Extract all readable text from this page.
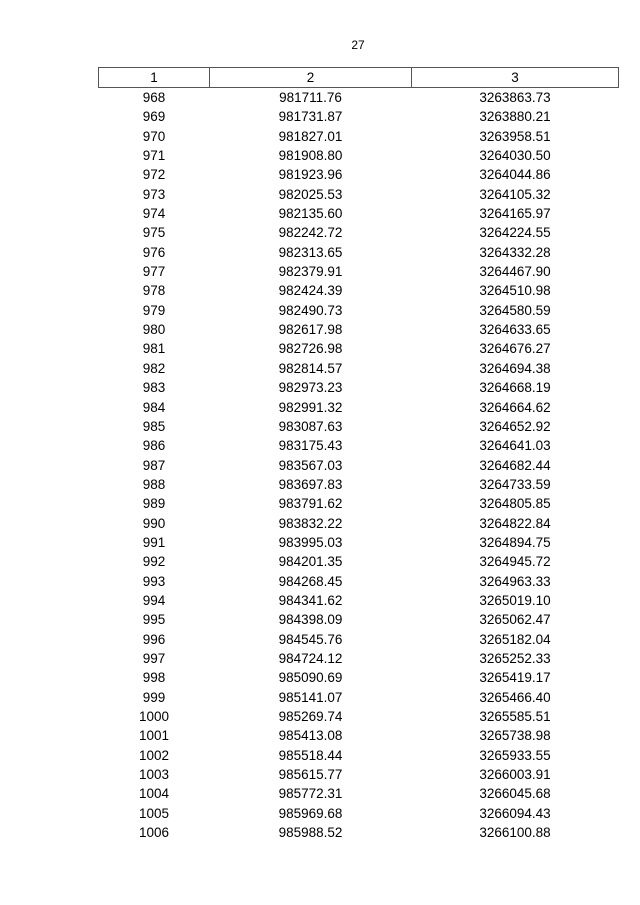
27
1	2	3
968	981711.76	3263863.73
969	981731.87	3263880.21
970	981827.01	3263958.51
971	981908.80	3264030.50
972	981923.96	3264044.86
973	982025.53	3264105.32
974	982135.60	3264165.97
975	982242.72	3264224.55
976	982313.65	3264332.28
977	982379.91	3264467.90
978	982424.39	3264510.98
979	982490.73	3264580.59
980	982617.98	3264633.65
981	982726.98	3264676.27
982	982814.57	3264694.38
983	982973.23	3264668.19
984	982991.32	3264664.62
985	983087.63	3264652.92
986	983175.43	3264641.03
987	983567.03	3264682.44
988	983697.83	3264733.59
989	983791.62	3264805.85
990	983832.22	3264822.84
991	983995.03	3264894.75
992	984201.35	3264945.72
993	984268.45	3264963.33
994	984341.62	3265019.10
995	984398.09	3265062.47
996	984545.76	3265182.04
997	984724.12	3265252.33
998	985090.69	3265419.17
999	985141.07	3265466.40
1000	985269.74	3265585.51
1001	985413.08	3265738.98
1002	985518.44	3265933.55
1003	985615.77	3266003.91
1004	985772.31	3266045.68
1005	985969.68	3266094.43
1006	985988.52	3266100.88
